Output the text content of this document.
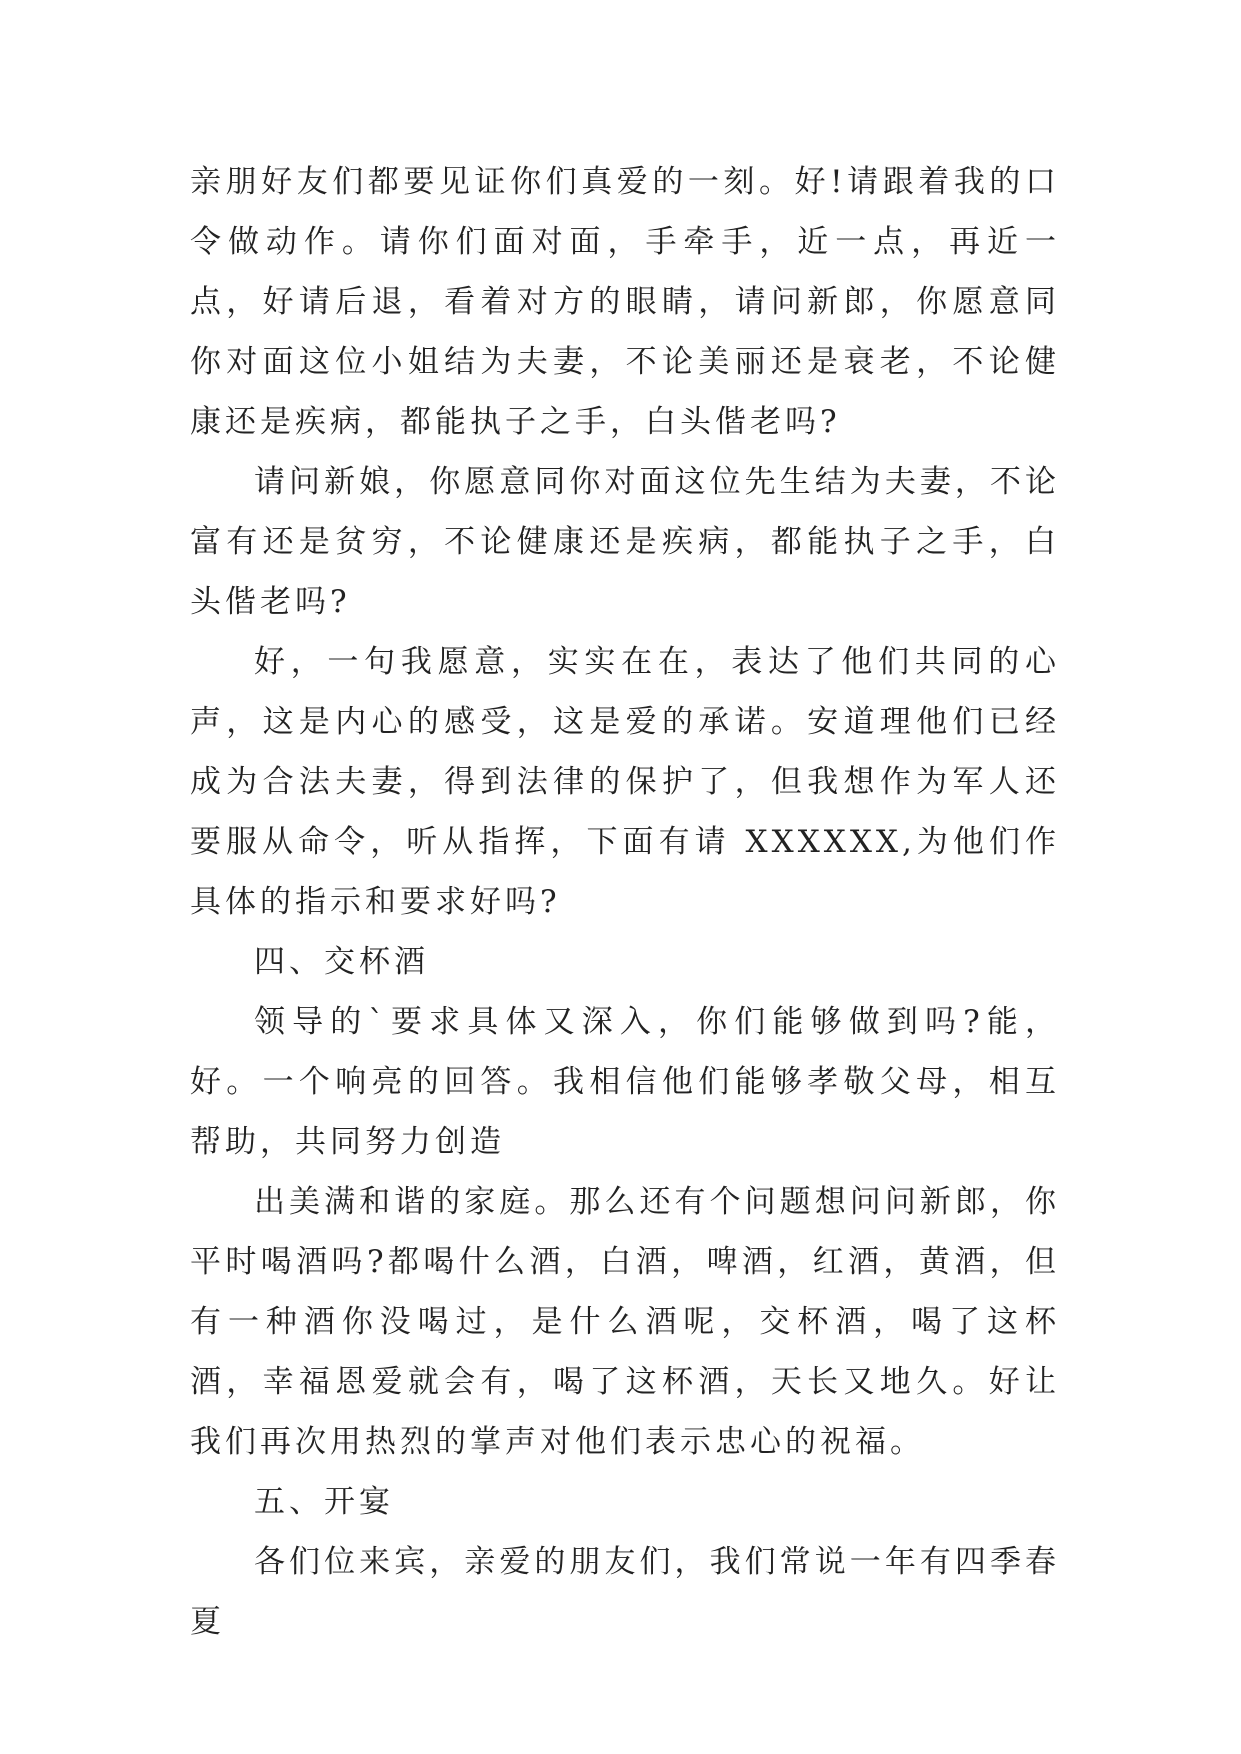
亲朋好友们都要见证你们真爱的一刻。好!请跟着我的口令做动作。请你们面对面，手牵手，近一点，再近一点，好请后退，看着对方的眼睛，请问新郎，你愿意同你对面这位小姐结为夫妻，不论美丽还是衰老，不论健康还是疾病，都能执子之手，白头偕老吗?

请问新娘，你愿意同你对面这位先生结为夫妻，不论富有还是贫穷，不论健康还是疾病，都能执子之手，白头偕老吗?

好，一句我愿意，实实在在，表达了他们共同的心声，这是内心的感受，这是爱的承诺。安道理他们已经成为合法夫妻，得到法律的保护了，但我想作为军人还要服从命令，听从指挥，下面有请 XXXXXX,为他们作具体的指示和要求好吗?

四、交杯酒

领导的`要求具体又深入，你们能够做到吗?能，好。一个响亮的回答。我相信他们能够孝敬父母，相互帮助，共同努力创造

出美满和谐的家庭。那么还有个问题想问问新郎，你平时喝酒吗?都喝什么酒，白酒，啤酒，红酒，黄酒，但有一种酒你没喝过，是什么酒呢，交杯酒，喝了这杯酒，幸福恩爱就会有，喝了这杯酒，天长又地久。好让我们再次用热烈的掌声对他们表示忠心的祝福。

五、开宴

各们位来宾，亲爱的朋友们，我们常说一年有四季春夏
